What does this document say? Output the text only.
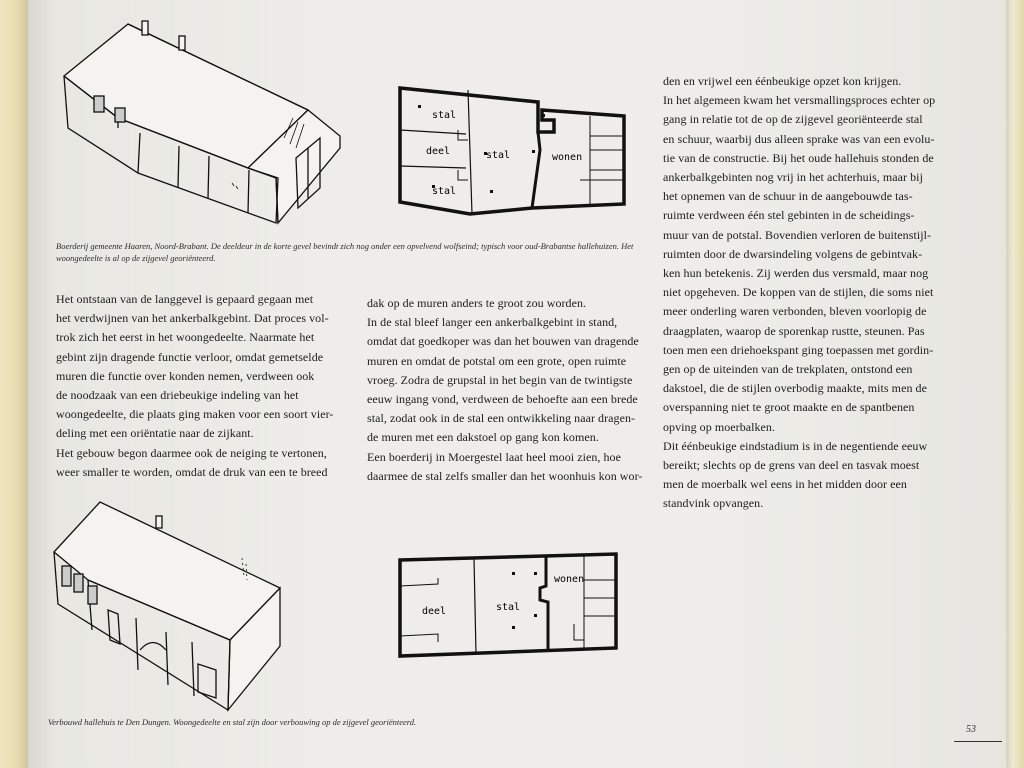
stal
deel	stal
stal
wonen
Boerderij gemeente Haaren, Noord-Brabant. De deeldeur in de korte gevel bevindt zich nog onder een opvelvend wolfseind; typisch voor oud-Brabantse hallehuizen. Het
woongedeelte is al op de zijgevel georiënteerd.

Het ontstaan van de langgevel is gepaard gegaan met

het verdwijnen van het ankerbalkgebint. Dat proces vol-

trok zich het eerst in het woongedeelte. Naarmate het

gebint zijn dragende functie verloor, omdat gemetselde

muren die functie over konden nemen, verdween ook

de noodzaak van een driebeukige indeling van het

woongedeelte, die plaats ging maken voor een soort vier-

deling met een oriëntatie naar de zijkant.

Het gebouw begon daarmee ook de neiging te vertonen,

weer smaller te worden, omdat de druk van een te breed

dak op de muren anders te groot zou worden.

In de stal bleef langer een ankerbalkgebint in stand,

omdat dat goedkoper was dan het bouwen van dragende

muren en omdat de potstal om een grote, open ruimte

vroeg. Zodra de grupstal in het begin van de twintigste

eeuw ingang vond, verdween de behoefte aan een brede

stal, zodat ook in de stal een ontwikkeling naar dragen-

de muren met een dakstoel op gang kon komen.

Een boerderij in Moergestel laat heel mooi zien, hoe

daarmee de stal zelfs smaller dan het woonhuis kon wor-

den en vrijwel een éénbeukige opzet kon krijgen.

In het algemeen kwam het versmallingsproces echter op

gang in relatie tot de op de zijgevel georiënteerde stal

en schuur, waarbij dus alleen sprake was van een evolu-

tie van de constructie. Bij het oude hallehuis stonden de

ankerbalkgebinten nog vrij in het achterhuis, maar bij

het opnemen van de schuur in de aangebouwde tas-

ruimte verdween één stel gebinten in de scheidings-

muur van de potstal. Bovendien verloren de buitenstijl-

ruimten door de dwarsindeling volgens de gebintvak-

ken hun betekenis. Zij werden dus versmald, maar nog

niet opgeheven. De koppen van de stijlen, die soms niet

meer onderling waren verbonden, bleven voorlopig de

draagplaten, waarop de sporenkap rustte, steunen. Pas

toen men een driehoekspant ging toepassen met gordin-

gen op de uiteinden van de trekplaten, ontstond een

dakstoel, die de stijlen overbodig maakte, mits men de

overspanning niet te groot maakte en de spantbenen

opving op moerbalken.

Dit éénbeukige eindstadium is in de negentiende eeuw

bereikt; slechts op de grens van deel en tasvak moest

men de moerbalk wel eens in het midden door een

standvink opvangen.

deel	stal
wonen
Verbouwd hallehuis te Den Dungen. Woongedeelte en stal zijn door verbouwing op de zijgevel georiënteerd.
53
